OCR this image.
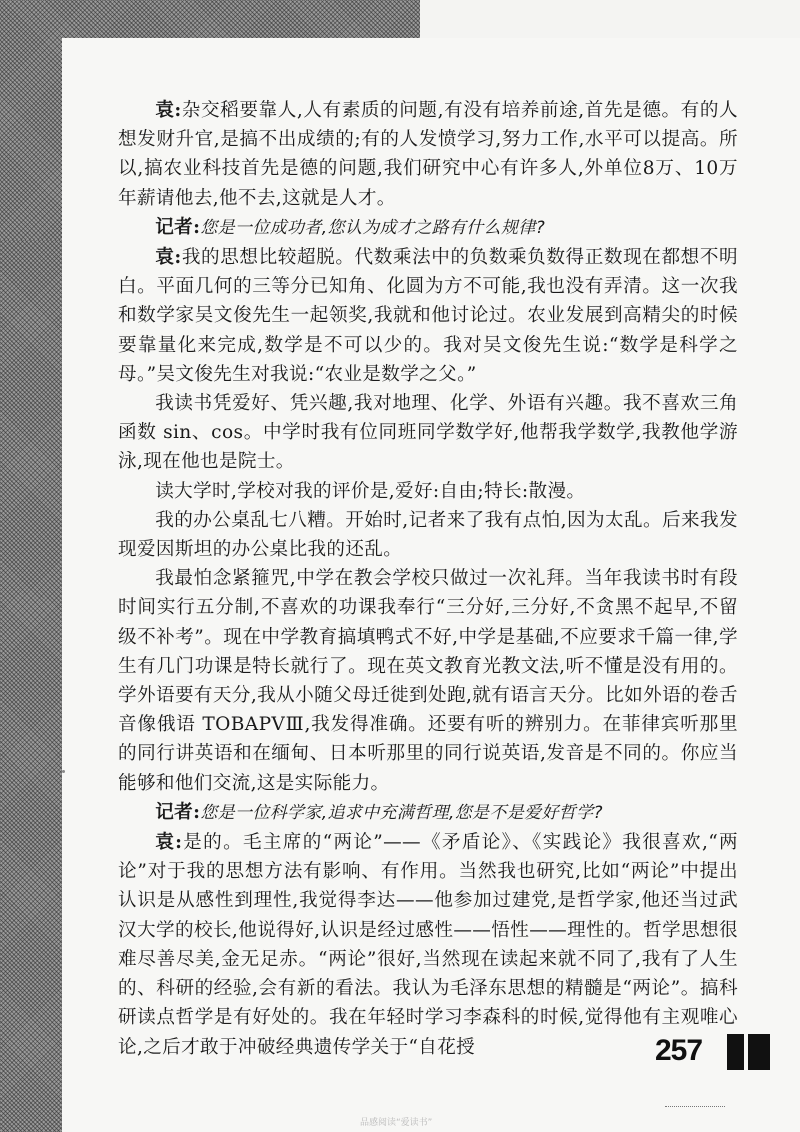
袁:杂交稻要靠人,人有素质的问题,有没有培养前途,首先是德。有的人想发财升官,是搞不出成绩的;有的人发愤学习,努力工作,水平可以提高。所以,搞农业科技首先是德的问题,我们研究中心有许多人,外单位8万、10万年薪请他去,他不去,这就是人才。

记者:您是一位成功者,您认为成才之路有什么规律?

袁:我的思想比较超脱。代数乘法中的负数乘负数得正数现在都想不明白。平面几何的三等分已知角、化圆为方不可能,我也没有弄清。这一次我和数学家吴文俊先生一起领奖,我就和他讨论过。农业发展到高精尖的时候要靠量化来完成,数学是不可以少的。我对吴文俊先生说:“数学是科学之母。”吴文俊先生对我说:“农业是数学之父。”

我读书凭爱好、凭兴趣,我对地理、化学、外语有兴趣。我不喜欢三角函数 sin、cos。中学时我有位同班同学数学好,他帮我学数学,我教他学游泳,现在他也是院士。

读大学时,学校对我的评价是,爱好:自由;特长:散漫。

我的办公桌乱七八糟。开始时,记者来了我有点怕,因为太乱。后来我发现爱因斯坦的办公桌比我的还乱。

我最怕念紧箍咒,中学在教会学校只做过一次礼拜。当年我读书时有段时间实行五分制,不喜欢的功课我奉行“三分好,三分好,不贪黑不起早,不留级不补考”。现在中学教育搞填鸭式不好,中学是基础,不应要求千篇一律,学生有几门功课是特长就行了。现在英文教育光教文法,听不懂是没有用的。学外语要有天分,我从小随父母迁徙到处跑,就有语言天分。比如外语的卷舌音像俄语 TOBAPVⅢ,我发得准确。还要有听的辨别力。在菲律宾听那里的同行讲英语和在缅甸、日本听那里的同行说英语,发音是不同的。你应当能够和他们交流,这是实际能力。

记者:您是一位科学家,追求中充满哲理,您是不是爱好哲学?

袁:是的。毛主席的“两论”——《矛盾论》、《实践论》我很喜欢,“两论”对于我的思想方法有影响、有作用。当然我也研究,比如“两论”中提出认识是从感性到理性,我觉得李达——他参加过建党,是哲学家,他还当过武汉大学的校长,他说得好,认识是经过感性——悟性——理性的。哲学思想很难尽善尽美,金无足赤。“两论”很好,当然现在读起来就不同了,我有了人生的、科研的经验,会有新的看法。我认为毛泽东思想的精髓是“两论”。搞科研读点哲学是有好处的。我在年轻时学习李森科的时候,觉得他有主观唯心论,之后才敢于冲破经典遗传学关于“自花授	257
品感阅读“爱读书”
